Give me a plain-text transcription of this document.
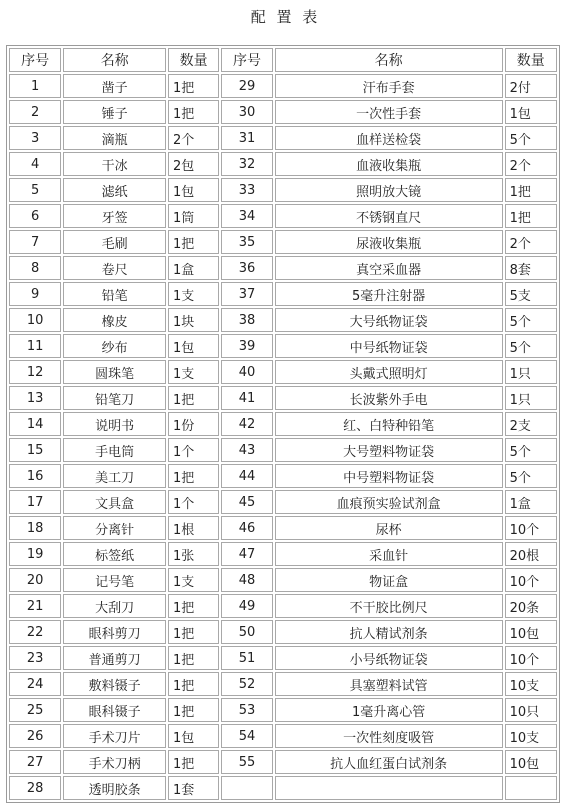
配 置 表
序号	名称	数量	序号	名称	数量
1	凿子	1把	29	汗布手套	2付
2	锤子	1把	30	一次性手套	1包
3	滴瓶	2个	31	血样送检袋	5个
4	干冰	2包	32	血液收集瓶	2个
5	滤纸	1包	33	照明放大镜	1把
6	牙签	1筒	34	不锈钢直尺	1把
7	毛刷	1把	35	尿液收集瓶	2个
8	卷尺	1盒	36	真空采血器	8套
9	铅笔	1支	37	5毫升注射器	5支
10	橡皮	1块	38	大号纸物证袋	5个
11	纱布	1包	39	中号纸物证袋	5个
12	圆珠笔	1支	40	头戴式照明灯	1只
13	铅笔刀	1把	41	长波紫外手电	1只
14	说明书	1份	42	红、白特种铅笔	2支
15	手电筒	1个	43	大号塑料物证袋	5个
16	美工刀	1把	44	中号塑料物证袋	5个
17	文具盒	1个	45	血痕预实验试剂盒	1盒
18	分离针	1根	46	尿杯	10个
19	标签纸	1张	47	采血针	20根
20	记号笔	1支	48	物证盒	10个
21	大刮刀	1把	49	不干胶比例尺	20条
22	眼科剪刀	1把	50	抗人精试剂条	10包
23	普通剪刀	1把	51	小号纸物证袋	10个
24	敷料镊子	1把	52	具塞塑料试管	10支
25	眼科镊子	1把	53	1毫升离心管	10只
26	手术刀片	1包	54	一次性刻度吸管	10支
27	手术刀柄	1把	55	抗人血红蛋白试剂条	10包
28	透明胶条	1套			
